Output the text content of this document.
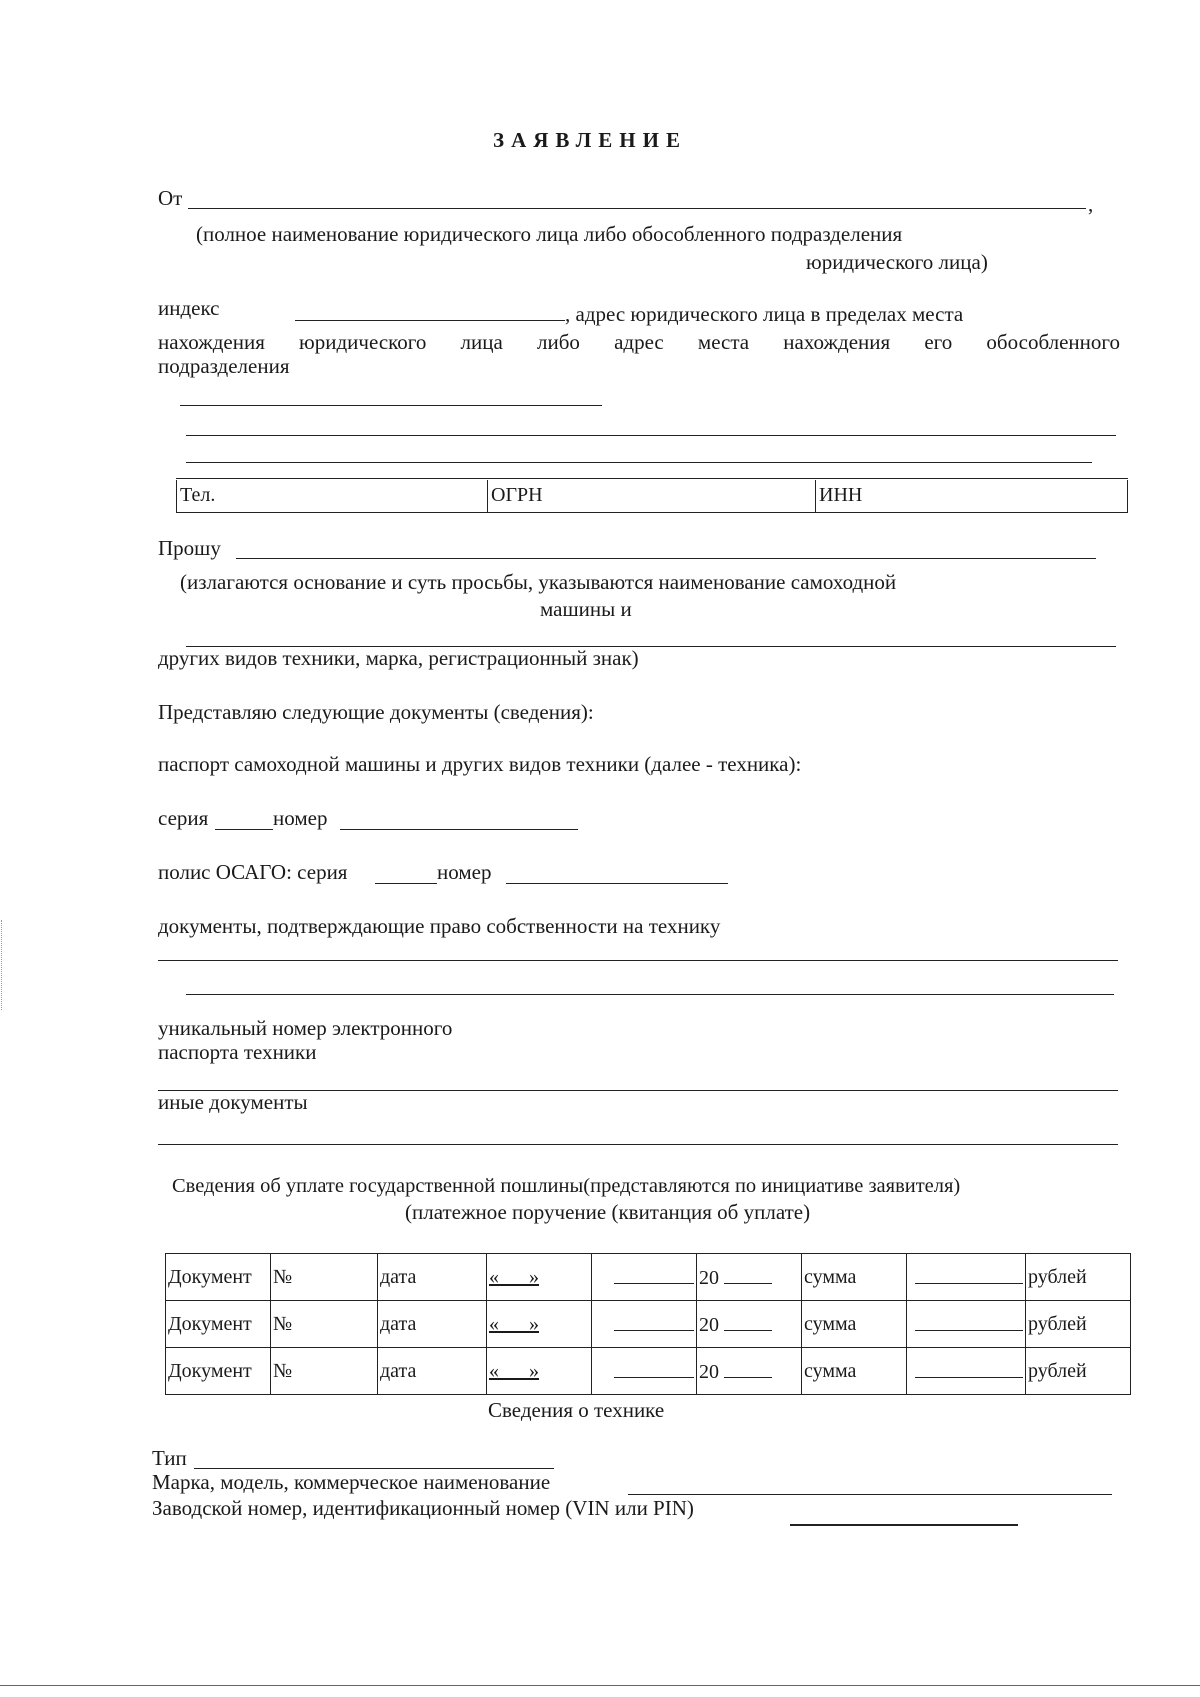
ЗАЯВЛЕНИЕ
От	,
(полное наименование юридического лица либо обособленного подразделения
юридического лица)
индекс	, адрес юридического лица в пределах места
нахождения юридического лица либо адрес места нахождения его обособленного
подразделения
Тел.	ОГРН	ИНН
Прошу
(излагаются основание и суть просьбы, указываются наименование самоходной
машины и
других видов техники, марка, регистрационный знак)
Представляю следующие документы (сведения):
паспорт самоходной машины и других видов техники (далее - техника):
серия	номер
полис ОСАГО: серия	номер
документы, подтверждающие право собственности на технику
уникальный номер электронного
паспорта техники
иные документы
Сведения об уплате государственной пошлины(представляются по инициативе заявителя)
(платежное поручение (квитанция об уплате)
Документ	№	дата	« »		20	сумма		рублей
Документ	№	дата	« »		20	сумма		рублей
Документ	№	дата	« »		20	сумма		рублей
Сведения о технике
Тип
Марка, модель, коммерческое наименование
Заводской номер, идентификационный номер (VIN или PIN)
